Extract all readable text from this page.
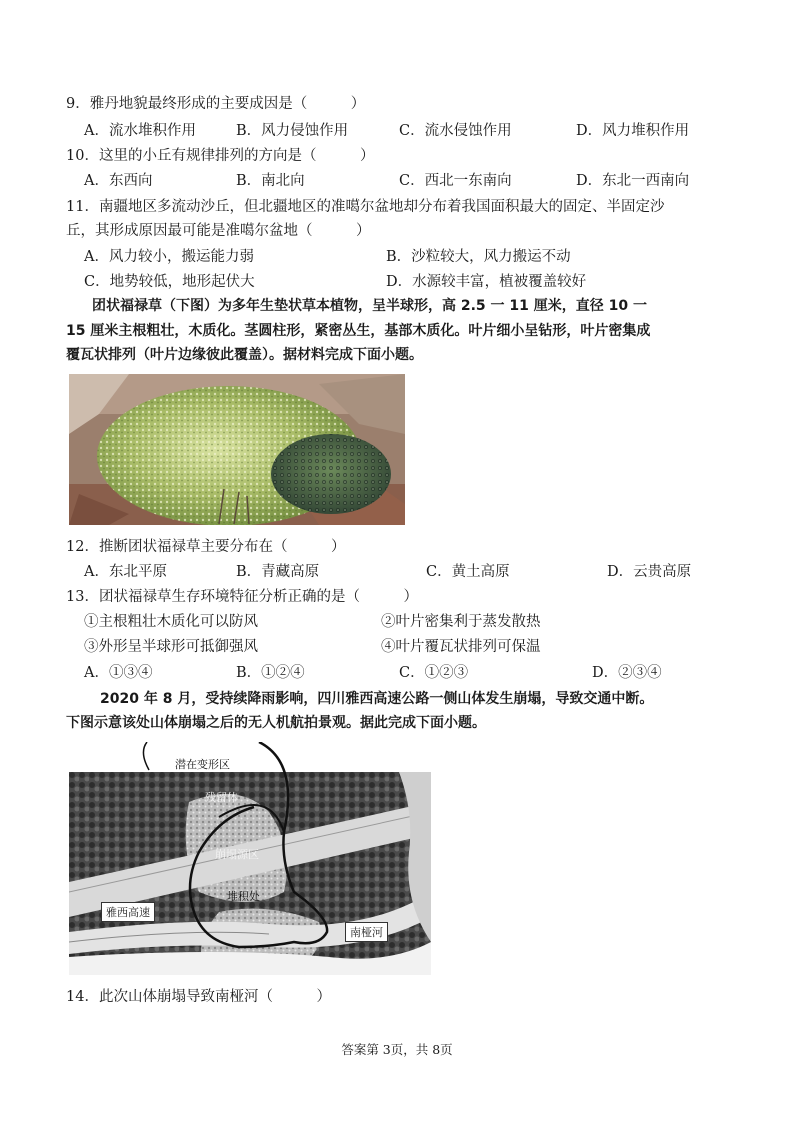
9．雅丹地貌最终形成的主要成因是（　　　）
A．流水堆积作用	B．风力侵蚀作用	C．流水侵蚀作用	D．风力堆积作用
10．这里的小丘有规律排列的方向是（　　　）
A．东西向	B．南北向	C．西北一东南向	D．东北一西南向
11．南疆地区多流动沙丘，但北疆地区的准噶尔盆地却分布着我国面积最大的固定、半固定沙
丘，其形成原因最可能是准噶尔盆地（　　　）
A．风力较小，搬运能力弱	B．沙粒较大，风力搬运不动
C．地势较低，地形起伏大	D．水源较丰富，植被覆盖较好
团状福禄草（下图）为多年生垫状草本植物，呈半球形，高 2.5 一 11 厘米，直径 10 一
15 厘米主根粗壮，木质化。茎圆柱形，紧密丛生，基部木质化。叶片细小呈钻形，叶片密集成
覆瓦状排列（叶片边缘彼此覆盖）。据材料完成下面小题。
12．推断团状福禄草主要分布在（　　　）
A．东北平原	B．青藏高原	C．黄土高原	D．云贵高原
13．团状福禄草生存环境特征分析正确的是（　　　）
①主根粗壮木质化可以防风	②叶片密集利于蒸发散热
③外形呈半球形可抵御强风	④叶片覆瓦状排列可保温
A．①③④	B．①②④	C．①②③	D．②③④
2020 年 8 月，受持续降雨影响，四川雅西高速公路一侧山体发生崩塌，导致交通中断。
下图示意该处山体崩塌之后的无人机航拍景观。据此完成下面小题。
潜在变形区
残留体
崩塌源区
堆积处
雅西高速
南桠河
14．此次山体崩塌导致南桠河（　　　）
答案第 3页，共 8页
